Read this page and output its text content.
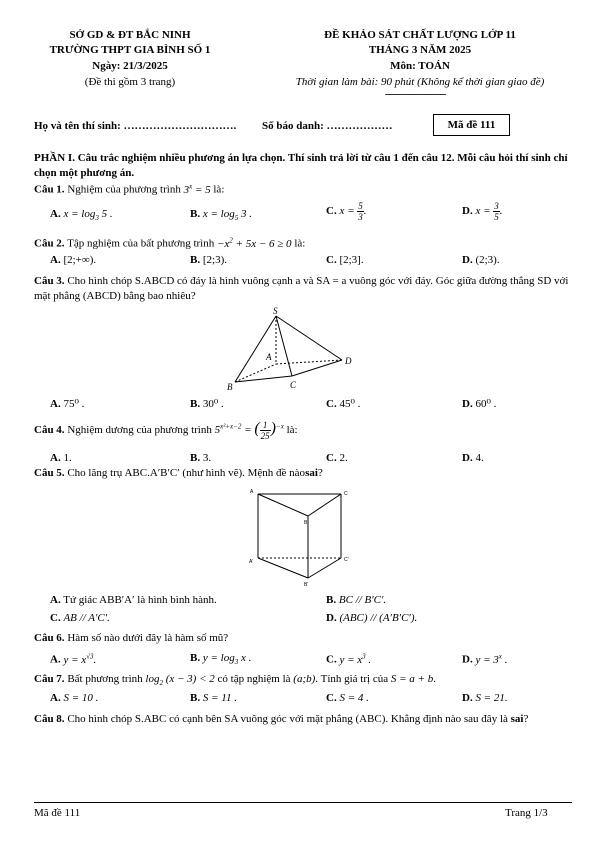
SỞ GD & ĐT BẮC NINH
TRƯỜNG THPT GIA BÌNH SỐ 1
Ngày: 21/3/2025
(Đề thi gồm 3 trang)
ĐỀ KHẢO SÁT CHẤT LƯỢNG LỚP 11
THÁNG 3 NĂM 2025
Môn: TOÁN
Thời gian làm bài: 90 phút (Không kể thời gian giao đề)
--------------------------
Họ và tên thí sinh: …………………………. Số báo danh: ………………	Mã đề 111
PHẦN I. Câu trắc nghiệm nhiều phương án lựa chọn. Thí sinh trả lời từ câu 1 đến câu 12. Mỗi câu hỏi thí sinh chỉ chọn một phương án.
Câu 1. Nghiệm của phương trình $3^x = 5$ là:
A. $x = \log_3 5$ .	B. $x = \log_5 3$ .	C. $x = \frac{5}{3}$ .	D. $x = \frac{3}{5}$ .
Câu 2. Tập nghiệm của bất phương trình $-x^2 + 5x - 6 \ge 0$ là:
A. [2;+∞).	B. [2;3).	C. [2;3].	D. (2;3).
Câu 3. Cho hình chóp S.ABCD có đáy là hình vuông cạnh a và SA = a vuông góc với đáy. Góc giữa đường thẳng SD với mặt phẳng (ABCD) bằng bao nhiêu?
S
A
B	C
D
A. 75⁰ .	B. 30⁰ .	C. 45⁰ .	D. 60⁰ .
Câu 4. Nghiệm dương của phương trình $5^{x^2+x-2}$ = ( $\frac{1}{25} )^{-x}$ là:
A. 1.	B. 3.	C. 2.	D. 4.
Câu 5. Cho lăng trụ ABC.A′B′C′ (như hình vẽ). Mệnh đề nàosai?
A	C
B
A'	C'
B'
A. Tứ giác ABB′A′ là hình bình hành.	B. BC // B′C′.
C. AB // A′C′.	D. (ABC) // (A′B′C′).
Câu 6. Hàm số nào dưới đây là hàm số mũ?
A. $y = x^{√3}$.	B. $y = \log_3 x$ .	C. $y = x^3$ .	D. $y = 3^x$ .
Câu 7. Bất phương trình $\log_2 (x - 3) < 2$ có tập nghiệm là (a;b). Tính giá trị của S = a + b.
A. S = 10 .	B. S = 11 .	C. S = 4 .	D. S = 21.
Câu 8. Cho hình chóp S.ABC có cạnh bên SA vuông góc với mặt phẳng (ABC). Khẳng định nào sau đây là sai?
Mã đề 111	Trang 1/3
